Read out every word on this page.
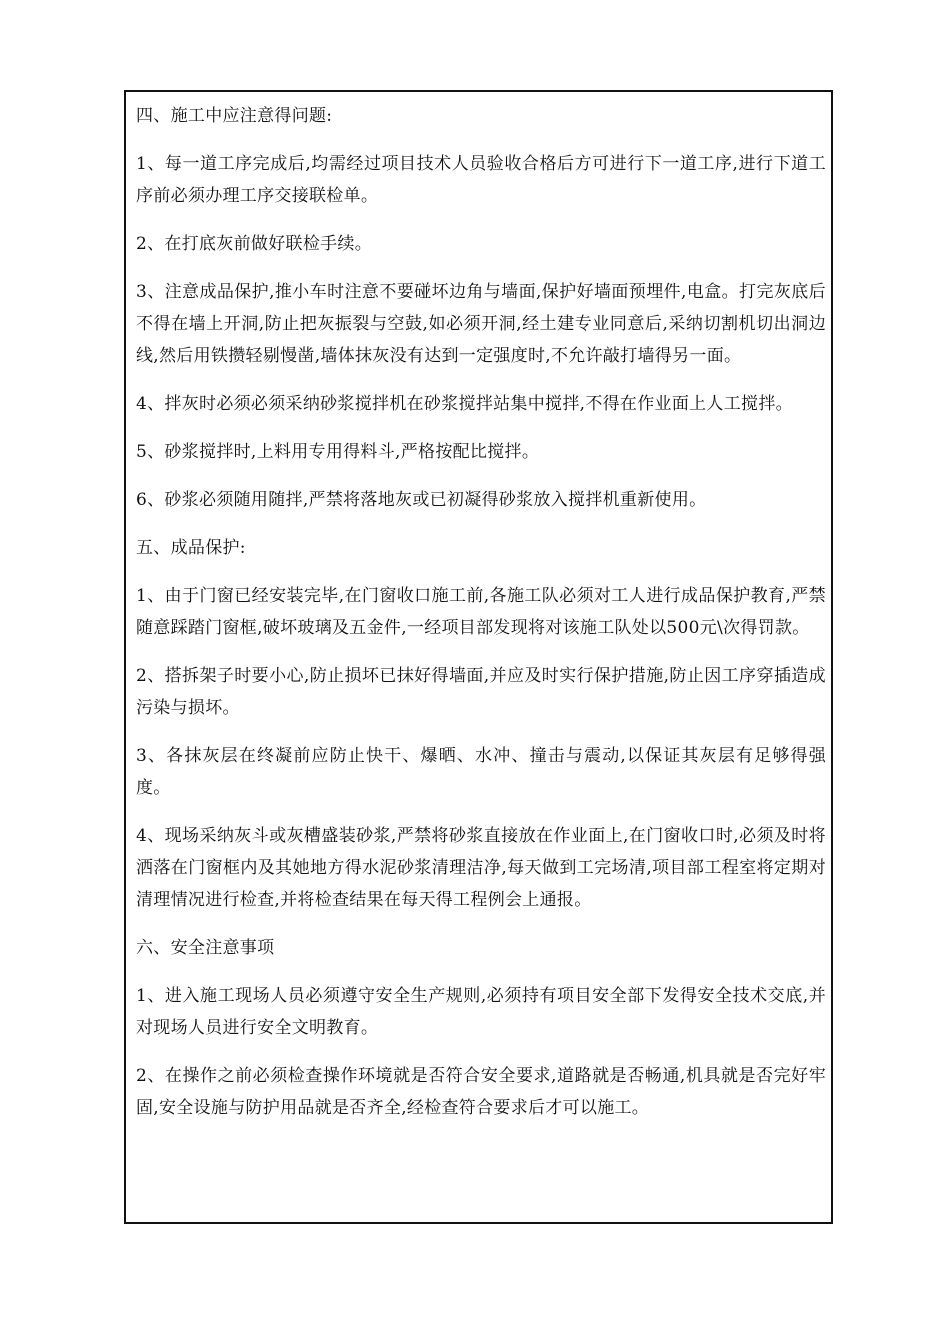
四、施工中应注意得问题:

1、每一道工序完成后,均需经过项目技术人员验收合格后方可进行下一道工序,进行下道工序前必须办理工序交接联检单。

2、在打底灰前做好联检手续。

3、注意成品保护,推小车时注意不要碰坏边角与墙面,保护好墙面预埋件,电盒。打完灰底后不得在墙上开洞,防止把灰振裂与空鼓,如必须开洞,经土建专业同意后,采纳切割机切出洞边线,然后用铁攒轻剔慢凿,墙体抹灰没有达到一定强度时,不允许敲打墙得另一面。

4、拌灰时必须必须采纳砂浆搅拌机在砂浆搅拌站集中搅拌,不得在作业面上人工搅拌。

5、砂浆搅拌时,上料用专用得料斗,严格按配比搅拌。

6、砂浆必须随用随拌,严禁将落地灰或已初凝得砂浆放入搅拌机重新使用。

五、成品保护:

1、由于门窗已经安装完毕,在门窗收口施工前,各施工队必须对工人进行成品保护教育,严禁随意踩踏门窗框,破坏玻璃及五金件,一经项目部发现将对该施工队处以500元\次得罚款。

2、搭拆架子时要小心,防止损坏已抹好得墙面,并应及时实行保护措施,防止因工序穿插造成污染与损坏。

3、各抹灰层在终凝前应防止快干、爆晒、水冲、撞击与震动,以保证其灰层有足够得强度。

4、现场采纳灰斗或灰槽盛装砂浆,严禁将砂浆直接放在作业面上,在门窗收口时,必须及时将洒落在门窗框内及其她地方得水泥砂浆清理洁净,每天做到工完场清,项目部工程室将定期对清理情况进行检查,并将检查结果在每天得工程例会上通报。

六、安全注意事项

1、进入施工现场人员必须遵守安全生产规则,必须持有项目安全部下发得安全技术交底,并对现场人员进行安全文明教育。

2、在操作之前必须检查操作环境就是否符合安全要求,道路就是否畅通,机具就是否完好牢固,安全设施与防护用品就是否齐全,经检查符合要求后才可以施工。
